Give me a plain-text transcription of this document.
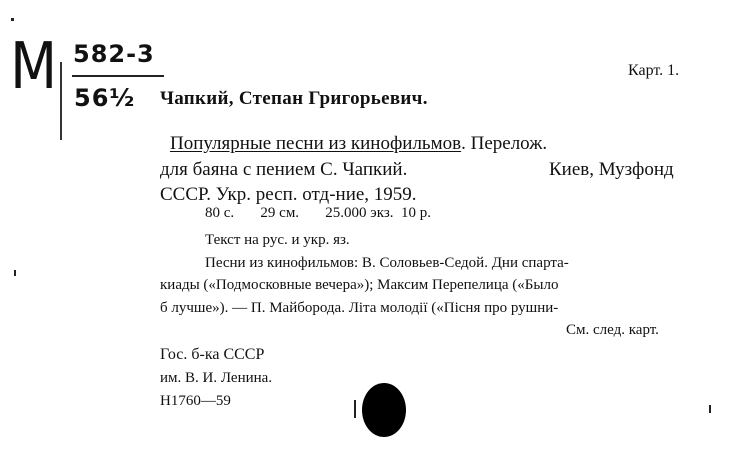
М 582-3
56½
Карт. 1.
Чапкий, Степан Григорьевич.
Популярные песни из кинофильмов. Перелож.
для баяна с пением С. Чапкий.	Киев, Музфонд
СССР. Укр. респ. отд-ние, 1959.
80 с.       29 см.       25.000 экз.  10 р.
Текст на рус. и укр. яз.
Песни из кинофильмов: В. Соловьев-Седой. Дни спарта-
киады («Подмосковные вечера»); Максим Перепелица («Было
б лучше»). — П. Майборода. Літа молодії («Пісня про рушни-
См. след. карт.
Гос. б-ка СССР
им. В. И. Ленина.
Н1760—59
